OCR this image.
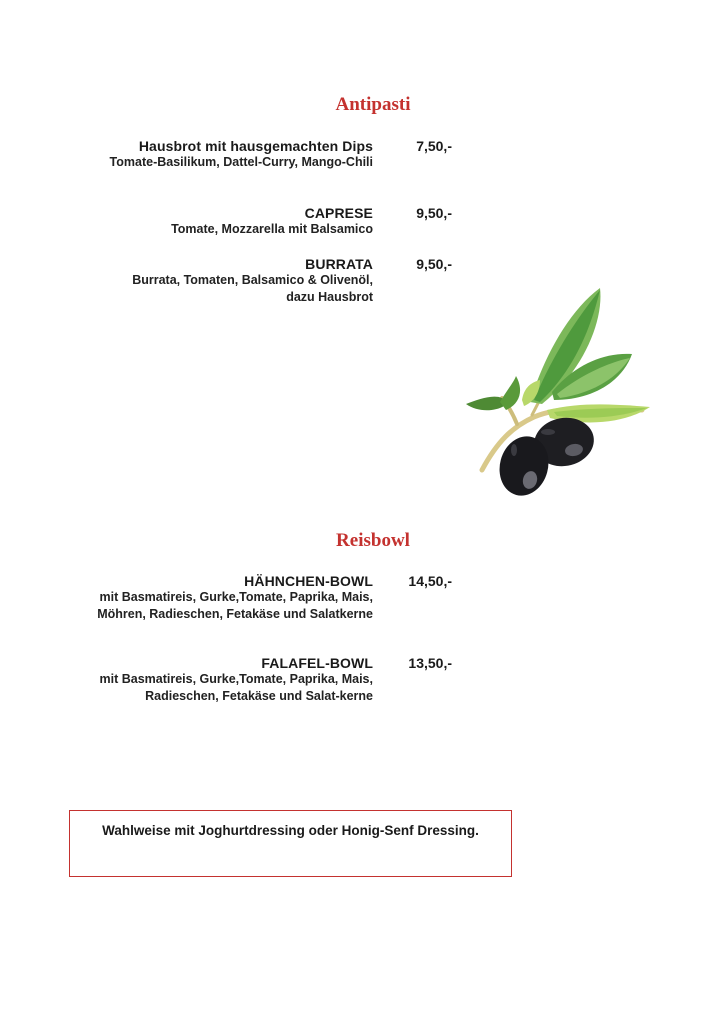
Antipasti
Hausbrot mit hausgemachten Dips	7,50,-
Tomate-Basilikum, Dattel-Curry, Mango-Chili
CAPRESE	9,50,-
Tomate, Mozzarella mit Balsamico
BURRATA	9,50,-
Burrata, Tomaten, Balsamico & Olivenöl, dazu Hausbrot
Reisbowl
HÄHNCHEN-BOWL	14,50,-
mit Basmatireis, Gurke,Tomate, Paprika, Mais, Möhren, Radieschen, Fetakäse und Salatkerne
FALAFEL-BOWL	13,50,-
mit Basmatireis, Gurke,Tomate, Paprika, Mais, Radieschen, Fetakäse und Salat-kerne
Wahlweise mit Joghurtdressing oder Honig-Senf Dressing.
